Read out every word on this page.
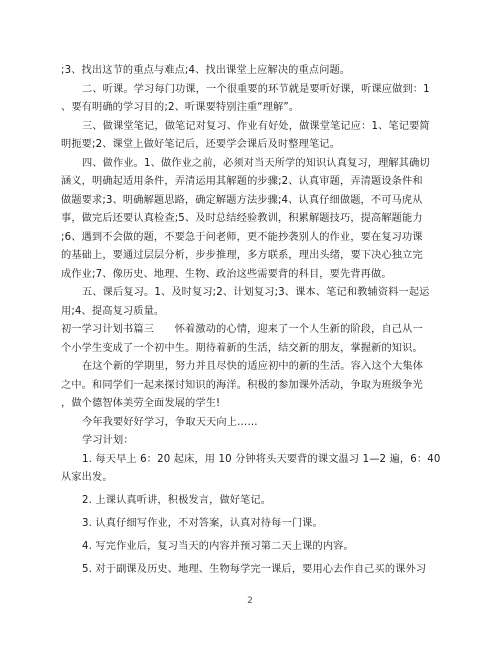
;3、找出这节的重点与难点;4、找出课堂上应解决的重点问题。
二、听课。学习每门功课，一个很重要的环节就是要听好课，听课应做到：1
、要有明确的学习目的;2、听课要特别注重“理解”。
三、做课堂笔记，做笔记对复习、作业有好处，做课堂笔记应：1、笔记要简
明扼要;2、课堂上做好笔记后，还要学会课后及时整理笔记。
四、做作业。1、做作业之前，必须对当天所学的知识认真复习，理解其确切
涵义，明确起适用条件，弄清运用其解题的步骤;2、认真审题，弄清题设条件和
做题要求;3、明确解题思路，确定解题方法步骤;4、认真仔细做题，不可马虎从
事，做完后还要认真检查;5、及时总结经验教训，积累解题技巧，提高解题能力
;6、遇到不会做的题，不要急于问老师，更不能抄袭别人的作业，要在复习功课
的基础上，要通过层层分析，步步推理，多方联系，理出头绪，要下决心独立完
成作业;7、像历史、地理、生物、政治这些需要背的科目，要先背再做。
五、课后复习。1、及时复习;2、计划复习;3、课本、笔记和教辅资料一起运
用;4、提高复习质量。
初一学习计划书篇三　　怀着激动的心情，迎来了一个人生新的阶段，自己从一
个小学生变成了一个初中生。期待着新的生活，结交新的朋友，掌握新的知识。
在这个新的学期里，努力并且尽快的适应初中的新的生活。容入这个大集体
之中。和同学们一起来探讨知识的海洋。积极的参加课外活动，争取为班级争光
，做个德智体美劳全面发展的学生!
今年我要好好学习，争取天天向上……
学习计划：
1. 每天早上 6：20 起床，用 10 分钟将头天要背的课文温习 1—2 遍，6：40
从家出发。
2. 上课认真听讲，积极发言，做好笔记。
3. 认真仔细写作业，不对答案，认真对待每一门课。
4. 写完作业后，复习当天的内容并预习第二天上课的内容。
5. 对于副课及历史、地理、生物每学完一课后，要用心去作自己买的课外习
2
